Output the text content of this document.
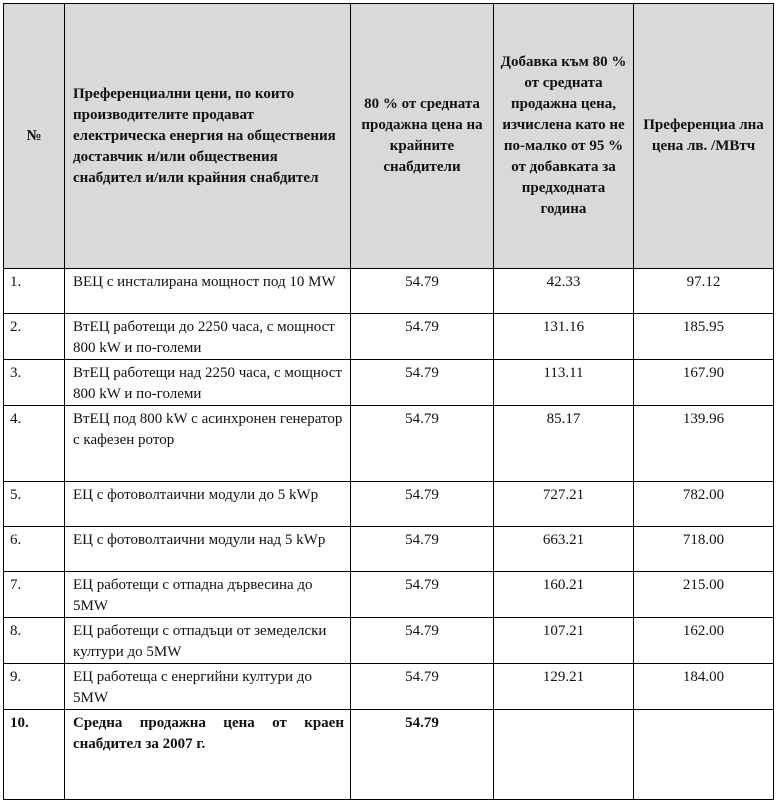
№	Преференциални цени, по които производителите продават електрическа енергия на обществения доставчик и/или обществения снабдител и/или крайния снабдител	80 % от средната продажна цена на крайните снабдители	Добавка към 80 % от средната продажна цена, изчислена като не по-малко от 95 % от добавката за предходната година	Преференциа лна цена лв. /МВтч
1.	ВЕЦ с инсталирана мощност под 10 MW	54.79	42.33	97.12
2.	ВтЕЦ работещи до 2250 часа, с мощност 800 kW и по-големи	54.79	131.16	185.95
3.	ВтЕЦ работещи над 2250 часа, с мощност 800 kW и по-големи	54.79	113.11	167.90
4.	ВтЕЦ под 800 kW с асинхронен генератор с кафезен ротор	54.79	85.17	139.96
5.	ЕЦ с фотоволтаични модули до 5 kWp	54.79	727.21	782.00
6.	ЕЦ с фотоволтаични модули над 5 kWp	54.79	663.21	718.00
7.	ЕЦ работещи с отпадна дървесина до 5MW	54.79	160.21	215.00
8.	ЕЦ работещи с отпадъци от земеделски култури до 5MW	54.79	107.21	162.00
9.	ЕЦ работеща с енергийни култури до 5MW	54.79	129.21	184.00
10.	Средна продажна цена от краен снабдител за 2007 г.	54.79		
